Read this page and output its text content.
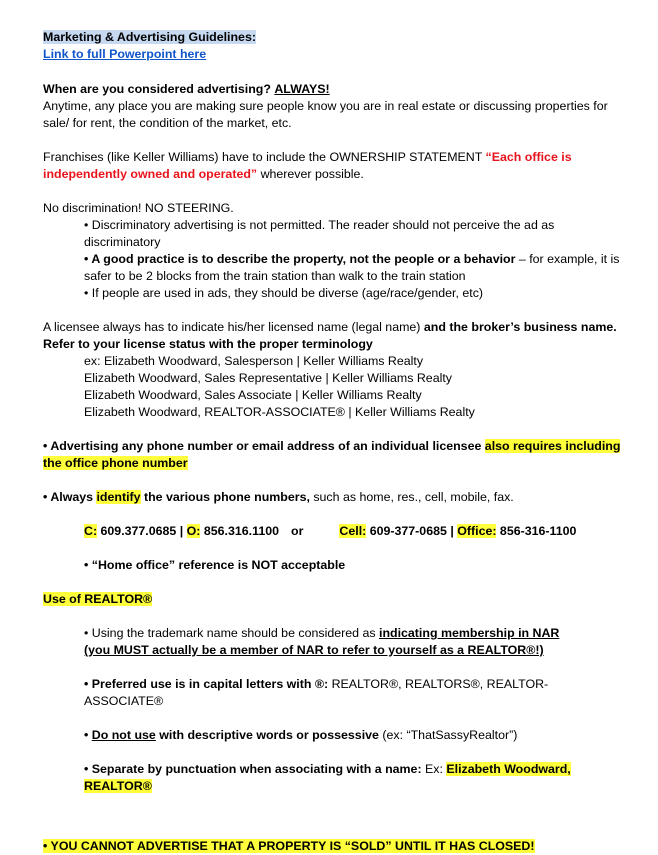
Marketing & Advertising Guidelines:

Link to full Powerpoint here

When are you considered advertising? ALWAYS!

Anytime, any place you are making sure people know you are in real estate or discussing properties for sale/ for rent, the condition of the market, etc.

Franchises (like Keller Williams) have to include the OWNERSHIP STATEMENT “Each office is independently owned and operated” wherever possible.

No discrimination! NO STEERING.

• Discriminatory advertising is not permitted. The reader should not perceive the ad as discriminatory

• A good practice is to describe the property, not the people or a behavior – for example, it is safer to be 2 blocks from the train station than walk to the train station

• If people are used in ads, they should be diverse (age/race/gender, etc)

A licensee always has to indicate his/her licensed name (legal name) and the broker’s business name. Refer to your license status with the proper terminology

ex: Elizabeth Woodward, Salesperson | Keller Williams Realty

Elizabeth Woodward, Sales Representative | Keller Williams Realty

Elizabeth Woodward, Sales Associate | Keller Williams Realty

Elizabeth Woodward, REALTOR-ASSOCIATE® | Keller Williams Realty

• Advertising any phone number or email address of an individual licensee also requires including the office phone number

• Always identify the various phone numbers, such as home, res., cell, mobile, fax.

C: 609.377.0685 | O: 856.316.1100 or	Cell: 609-377-0685 | Office: 856-316-1100

• “Home office” reference is NOT acceptable

Use of REALTOR®

• Using the trademark name should be considered as indicating membership in NAR

(you MUST actually be a member of NAR to refer to yourself as a REALTOR®!)

• Preferred use is in capital letters with ®: REALTOR®, REALTORS®, REALTOR-ASSOCIATE®

• Do not use with descriptive words or possessive (ex: “ThatSassyRealtor”)

• Separate by punctuation when associating with a name: Ex: Elizabeth Woodward, REALTOR®

• YOU CANNOT ADVERTISE THAT A PROPERTY IS “SOLD” UNTIL IT HAS CLOSED!
